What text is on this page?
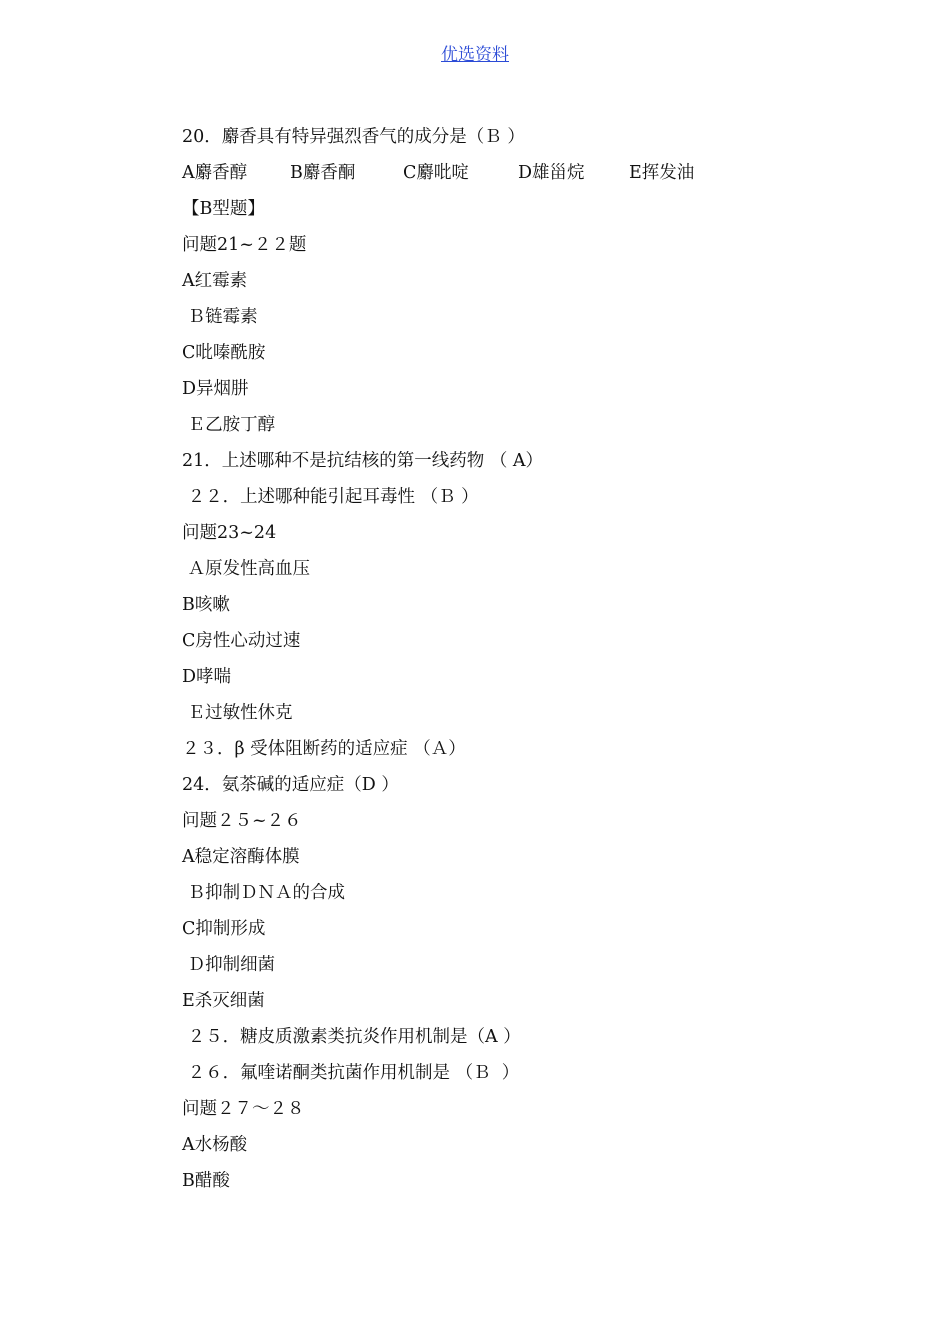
优选资料
20．麝香具有特异强烈香气的成分是（Ｂ ）
A麝香醇	B麝香酮	C麝吡啶	D雄甾烷	E挥发油
【B型题】
问题21~２２题
A红霉素
Ｂ链霉素
C吡嗪酰胺
D异烟肼
Ｅ乙胺丁醇
21．上述哪种不是抗结核的第一线药物 （ A）
２２．上述哪种能引起耳毒性 （Ｂ ）
问题23~24
Ａ原发性高血压
B咳嗽
C房性心动过速
D哮喘
Ｅ过敏性休克
２３．β 受体阻断药的适应症 （Ａ）
24．氨茶碱的适应症（D ）
问题２５~２６
A稳定溶酶体膜
Ｂ抑制ＤＮＡ的合成
C抑制形成
Ｄ抑制细菌
E杀灭细菌
２５．糖皮质激素类抗炎作用机制是（A ）
２６．氟喹诺酮类抗菌作用机制是 （Ｂ  ）
问题２７～２８
A水杨酸
B醋酸
